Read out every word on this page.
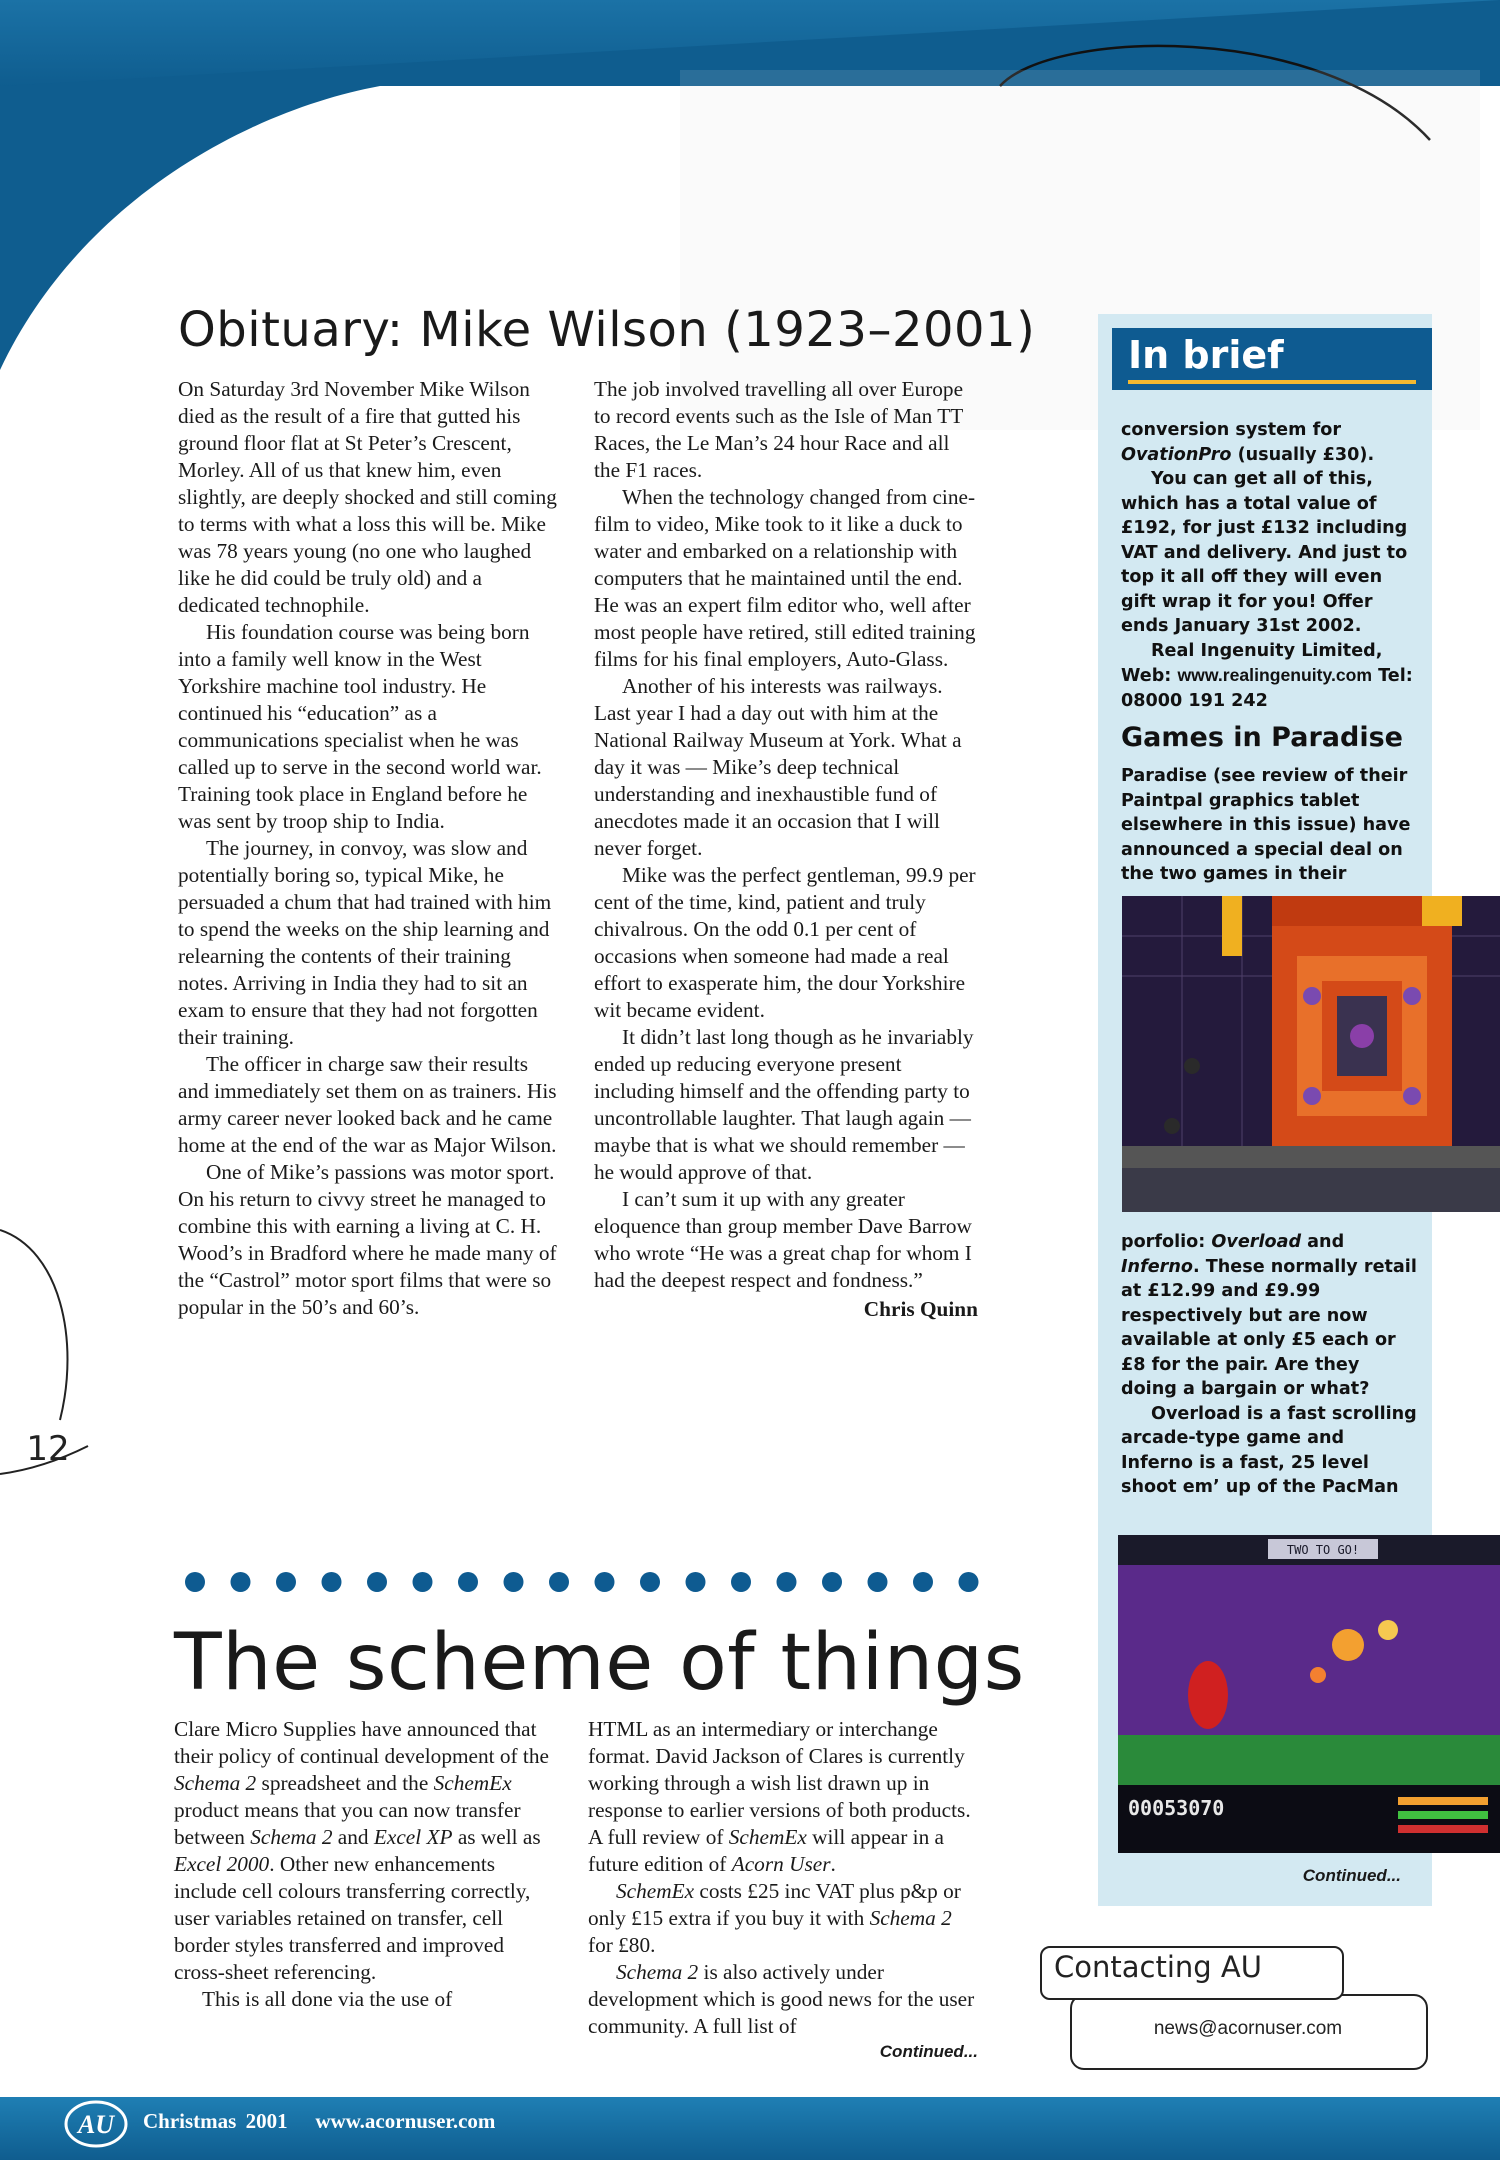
Obituary: Mike Wilson (1923–2001)

On Saturday 3rd November Mike Wilson died as the result of a fire that gutted his ground floor flat at St Peter’s Crescent, Morley. All of us that knew him, even slightly, are deeply shocked and still coming to terms with what a loss this will be. Mike was 78 years young (no one who laughed like he did could be truly old) and a dedicated technophile.

His foundation course was being born into a family well know in the West Yorkshire machine tool industry. He continued his “education” as a communications specialist when he was called up to serve in the second world war. Training took place in England before he was sent by troop ship to India.

The journey, in convoy, was slow and potentially boring so, typical Mike, he persuaded a chum that had trained with him to spend the weeks on the ship learning and relearning the contents of their training notes. Arriving in India they had to sit an exam to ensure that they had not forgotten their training.

The officer in charge saw their results and immediately set them on as trainers. His army career never looked back and he came home at the end of the war as Major Wilson.

One of Mike’s passions was motor sport. On his return to civvy street he managed to combine this with earning a living at C. H. Wood’s in Bradford where he made many of the “Castrol” motor sport films that were so popular in the 50’s and 60’s.

The job involved travelling all over Europe to record events such as the Isle of Man TT Races, the Le Man’s 24 hour Race and all the F1 races.

When the technology changed from cine-film to video, Mike took to it like a duck to water and embarked on a relationship with computers that he maintained until the end. He was an expert film editor who, well after most people have retired, still edited training films for his final employers, Auto-Glass.

Another of his interests was railways. Last year I had a day out with him at the National Railway Museum at York. What a day it was — Mike’s deep technical understanding and inexhaustible fund of anecdotes made it an occasion that I will never forget.

Mike was the perfect gentleman, 99.9 per cent of the time, kind, patient and truly chivalrous. On the odd 0.1 per cent of occasions when someone had made a real effort to exasperate him, the dour Yorkshire wit became evident.

It didn’t last long though as he invariably ended up reducing everyone present including himself and the offending party to uncontrollable laughter. That laugh again — maybe that is what we should remember — he would approve of that.

I can’t sum it up with any greater eloquence than group member Dave Barrow who wrote “He was a great chap for whom I had the deepest respect and fondness.”

Chris Quinn

The scheme of things

Clare Micro Supplies have announced that their policy of continual development of the Schema 2 spreadsheet and the SchemEx product means that you can now transfer between Schema 2 and Excel XP as well as Excel 2000. Other new enhancements include cell colours transferring correctly, user variables retained on transfer, cell border styles transferred and improved cross-sheet referencing.

This is all done via the use of

HTML as an intermediary or interchange format. David Jackson of Clares is currently working through a wish list drawn up in response to earlier versions of both products. A full review of SchemEx will appear in a future edition of Acorn User.

SchemEx costs £25 inc VAT plus p&p or only £15 extra if you buy it with Schema 2 for £80.

Schema 2 is also actively under development which is good news for the user community. A full list of

Continued...
In brief

conversion system for OvationPro (usually £30).

You can get all of this, which has a total value of £192, for just £132 including VAT and delivery. And just to top it all off they will even gift wrap it for you! Offer ends January 31st 2002.

Real Ingenuity Limited, Web: www.realingenuity.com Tel: 08000 191 242

Games in Paradise
Paradise (see review of their Paintpal graphics tablet elsewhere in this issue) have announced a special deal on the two games in their

porfolio: Overload and Inferno. These normally retail at £12.99 and £9.99 respectively but are now available at only £5 each or £8 for the pair. Are they doing a bargain or what?

Overload is a fast scrolling arcade-type game and Inferno is a fast, 25 level shoot em’ up of the PacMan

TWO TO GO!
00053070
Continued...
Contacting AU
news@acornuser.com
12
AU Christmas 2001 www.acornuser.com
